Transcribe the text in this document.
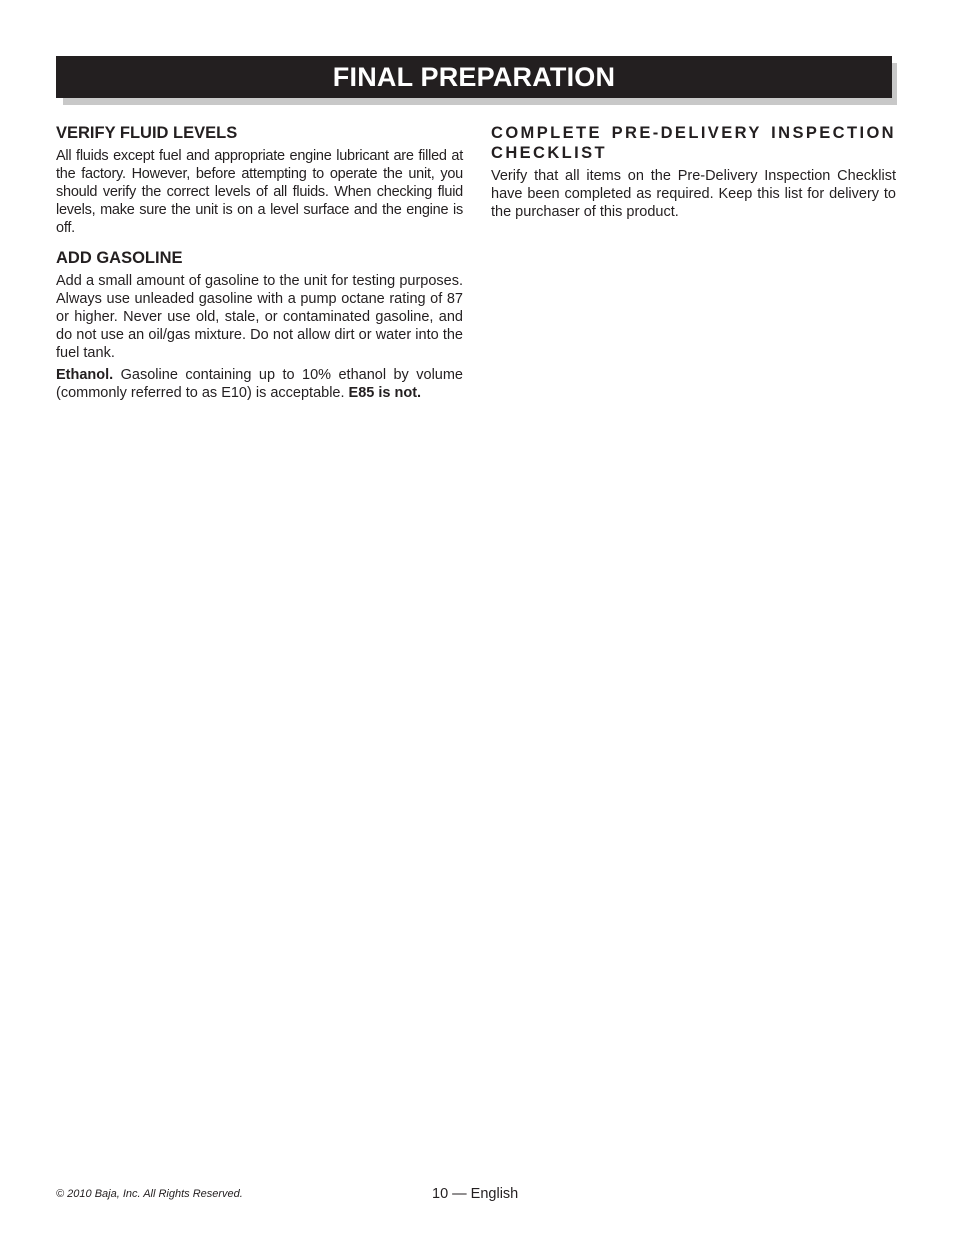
FINAL PREPARATION
VERIFY FLUID LEVELS

All fluids except fuel and appropriate engine lubricant are filled at the factory. However, before attempting to operate the unit, you should verify the correct levels of all fluids. When checking fluid levels, make sure the unit is on a level surface and the engine is off.

ADD GASOLINE

Add a small amount of gasoline to the unit for testing purposes. Always use unleaded gasoline with a pump octane rating of 87 or higher. Never use old, stale, or contaminated gasoline, and do not use an oil/gas mixture. Do not allow dirt or water into the fuel tank.

Ethanol. Gasoline containing up to 10% ethanol by volume (commonly referred to as E10) is acceptable. E85 is not.

COMPLETE PRE-DELIVERY INSPECTION CHECKLIST

Verify that all items on the Pre-Delivery Inspection Checklist have been completed as required. Keep this list for delivery to the purchaser of this product.

© 2010 Baja, Inc. All Rights Reserved.	10 — English
